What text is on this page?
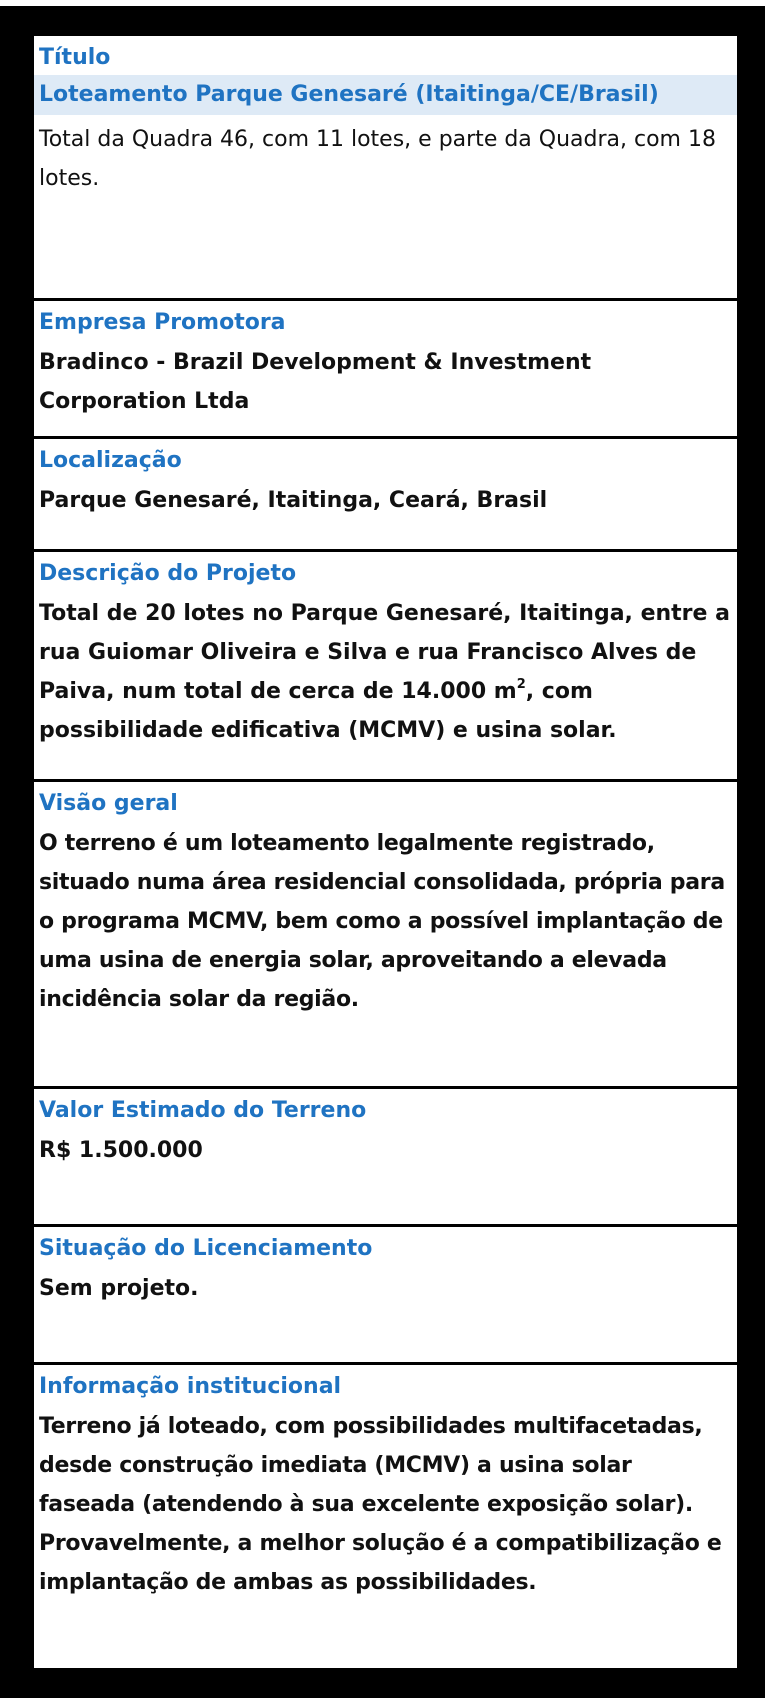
Título
Loteamento Parque Genesaré (Itaitinga/CE/Brasil)
Total da Quadra 46, com 11 lotes, e parte da Quadra, com 18 lotes.
Empresa Promotora
Bradinco - Brazil Development & Investment Corporation Ltda
Localização
Parque Genesaré, Itaitinga, Ceará, Brasil
Descrição do Projeto
Total de 20 lotes no Parque Genesaré, Itaitinga, entre a rua Guiomar Oliveira e Silva e rua Francisco Alves de Paiva, num total de cerca de 14.000 $m^2$, com possibilidade edificativa (MCMV) e usina solar.
Visão geral
O terreno é um loteamento legalmente registrado, situado numa área residencial consolidada, própria para o programa MCMV, bem como a possível implantação de uma usina de energia solar, aproveitando a elevada incidência solar da região.
Valor Estimado do Terreno
R$ 1.500.000
Situação do Licenciamento
Sem projeto.
Informação institucional
Terreno já loteado, com possibilidades multifacetadas, desde construção imediata (MCMV) a usina solar faseada (atendendo à sua excelente exposição solar). Provavelmente, a melhor solução é a compatibilização e implantação de ambas as possibilidades.
